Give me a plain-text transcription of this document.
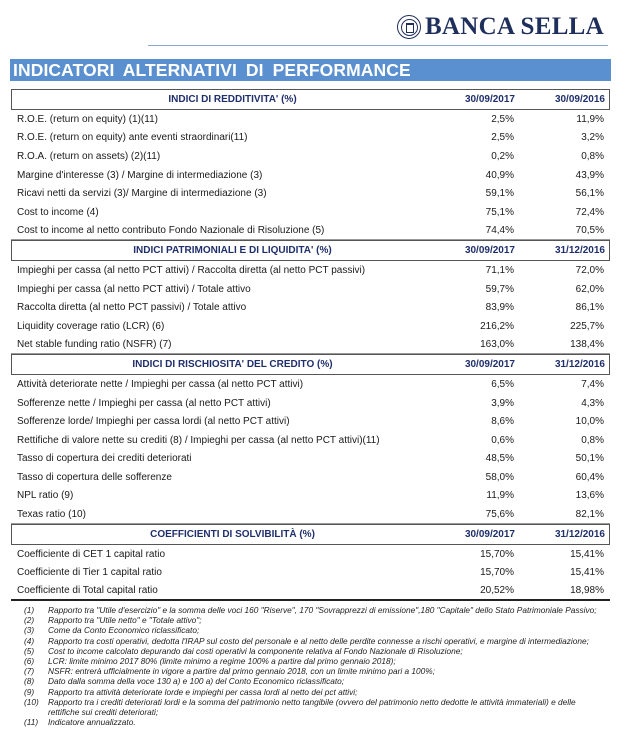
BANCA SELLA
INDICATORI ALTERNATIVI DI PERFORMANCE
INDICI DI REDDITIVITA' (%)	30/09/2017	30/09/2016
R.O.E. (return on equity) (1)(11)	2,5%	11,9%
R.O.E. (return on equity) ante eventi straordinari(11)	2,5%	3,2%
R.O.A. (return on assets) (2)(11)	0,2%	0,8%
Margine d'interesse (3) / Margine di intermediazione (3)	40,9%	43,9%
Ricavi netti da servizi (3)/ Margine di intermediazione (3)	59,1%	56,1%
Cost to income (4)	75,1%	72,4%
Cost to income al netto contributo Fondo Nazionale di Risoluzione (5)	74,4%	70,5%
INDICI PATRIMONIALI E DI LIQUIDITA' (%)	30/09/2017	31/12/2016
Impieghi per cassa (al netto PCT attivi) / Raccolta diretta (al netto PCT passivi)	71,1%	72,0%
Impieghi per cassa (al netto PCT attivi) / Totale attivo	59,7%	62,0%
Raccolta diretta (al netto PCT passivi) / Totale attivo	83,9%	86,1%
Liquidity coverage ratio (LCR) (6)	216,2%	225,7%
Net stable funding ratio (NSFR) (7)	163,0%	138,4%
INDICI DI RISCHIOSITA' DEL CREDITO (%)	30/09/2017	31/12/2016
Attività deteriorate nette / Impieghi per cassa (al netto PCT attivi)	6,5%	7,4%
Sofferenze nette / Impieghi per cassa (al netto PCT attivi)	3,9%	4,3%
Sofferenze lorde/ Impieghi per cassa lordi (al netto PCT attivi)	8,6%	10,0%
Rettifiche di valore nette su crediti (8) / Impieghi per cassa (al netto PCT attivi)(11)	0,6%	0,8%
Tasso di copertura dei crediti deteriorati	48,5%	50,1%
Tasso di copertura delle sofferenze	58,0%	60,4%
NPL ratio (9)	11,9%	13,6%
Texas ratio (10)	75,6%	82,1%
COEFFICIENTI DI SOLVIBILITÀ (%)	30/09/2017	31/12/2016
Coefficiente di CET 1 capital ratio	15,70%	15,41%
Coefficiente di Tier 1 capital ratio	15,70%	15,41%
Coefficiente di Total capital ratio	20,52%	18,98%
(1)	Rapporto tra "Utile d'esercizio" e la somma delle voci 160 "Riserve", 170 "Sovrapprezzi di emissione",180 "Capitale" dello Stato Patrimoniale Passivo;
(2)	Rapporto tra "Utile netto" e "Totale attivo";
(3)	Come da Conto Economico riclassificato;
(4)	Rapporto tra costi operativi, dedotta l'IRAP sul costo del personale e al netto delle perdite connesse a rischi operativi, e margine di intermediazione;
(5)	Cost to income calcolato depurando dai costi operativi la componente relativa al Fondo Nazionale di Risoluzione;
(6)	LCR: limite minimo 2017 80% (limite minimo a regime 100% a partire dal primo gennaio 2018);
(7)	NSFR: entrerà ufficialmente in vigore a partire dal primo gennaio 2018, con un limite minimo pari a 100%;
(8)	Dato dalla somma della voce 130 a) e 100 a) del Conto Economico riclassificato;
(9)	Rapporto tra attività deteriorate lorde e impieghi per cassa lordi al netto dei pct attivi;
(10)	Rapporto tra i crediti deteriorati lordi e la somma del patrimonio netto tangibile (ovvero del patrimonio netto dedotte le attività immateriali) e delle rettifiche sui crediti deteriorati;
(11)	Indicatore annualizzato.
